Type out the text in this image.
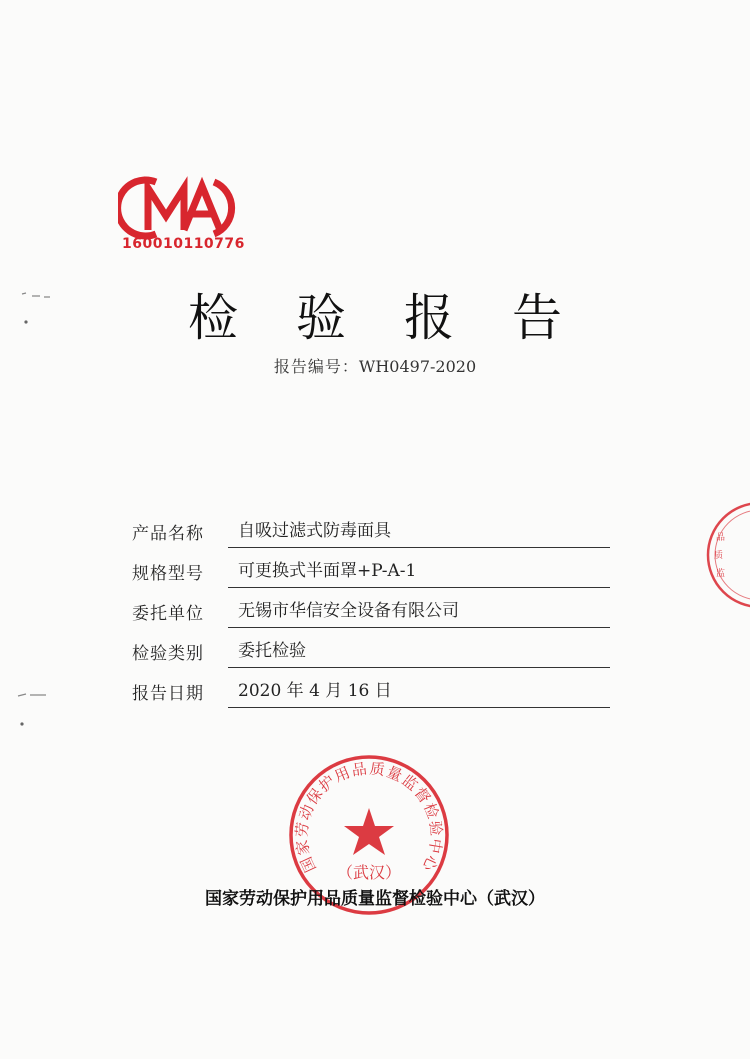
160010110776
检验报告
报告编号：WH0497-2020
产品名称	自吸过滤式防毒面具
规格型号	可更换式半面罩+P-A-1
委托单位	无锡市华信安全设备有限公司
检验类别	委托检验
报告日期	2020 年 4 月 16 日
品
质
监
国家劳动保护用品质量监督检验中心
（武汉）
国家劳动保护用品质量监督检验中心（武汉）
